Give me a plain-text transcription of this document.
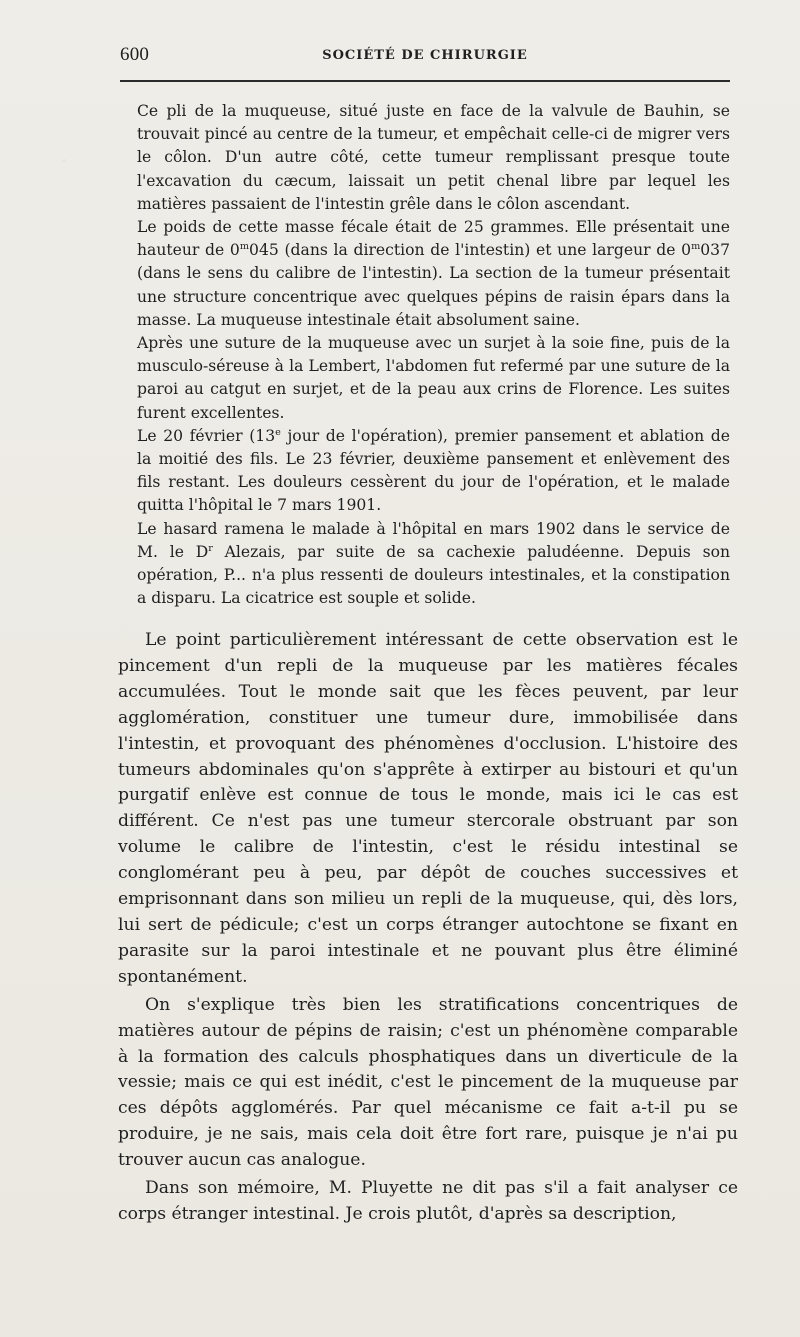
600	SOCIÉTÉ DE CHIRURGIE

Ce pli de la muqueuse, situé juste en face de la valvule de Bauhin, se trouvait pincé au centre de la tumeur, et empêchait celle-ci de migrer vers le côlon. D'un autre côté, cette tumeur remplissant presque toute l'excavation du cæcum, laissait un petit chenal libre par lequel les matières passaient de l'intestin grêle dans le côlon ascendant.

Le poids de cette masse fécale était de 25 grammes. Elle présentait une hauteur de 0$^m$045 (dans la direction de l'intestin) et une largeur de 0$^m$037 (dans le sens du calibre de l'intestin). La section de la tumeur présentait une structure concentrique avec quelques pépins de raisin épars dans la masse. La muqueuse intestinale était absolument saine.

Après une suture de la muqueuse avec un surjet à la soie fine, puis de la musculo-séreuse à la Lembert, l'abdomen fut refermé par une suture de la paroi au catgut en surjet, et de la peau aux crins de Florence. Les suites furent excellentes.

Le 20 février (13e jour de l'opération), premier pansement et ablation de la moitié des fils. Le 23 février, deuxième pansement et enlèvement des fils restant. Les douleurs cessèrent du jour de l'opération, et le malade quitta l'hôpital le 7 mars 1901.

Le hasard ramena le malade à l'hôpital en mars 1902 dans le service de M. le $D^r$ Alezais, par suite de sa cachexie paludéenne. Depuis son opération, P... n'a plus ressenti de douleurs intestinales, et la constipation a disparu. La cicatrice est souple et solide.

Le point particulièrement intéressant de cette observation est le pincement d'un repli de la muqueuse par les matières fécales accumulées. Tout le monde sait que les fèces peuvent, par leur agglomération, constituer une tumeur dure, immobilisée dans l'intestin, et provoquant des phénomènes d'occlusion. L'histoire des tumeurs abdominales qu'on s'apprête à extirper au bistouri et qu'un purgatif enlève est connue de tous le monde, mais ici le cas est différent. Ce n'est pas une tumeur stercorale obstruant par son volume le calibre de l'intestin, c'est le résidu intestinal se conglomérant peu à peu, par dépôt de couches successives et emprisonnant dans son milieu un repli de la muqueuse, qui, dès lors, lui sert de pédicule; c'est un corps étranger autochtone se fixant en parasite sur la paroi intestinale et ne pouvant plus être éliminé spontanément.

On s'explique très bien les stratifications concentriques de matières autour de pépins de raisin; c'est un phénomène comparable à la formation des calculs phosphatiques dans un diverticule de la vessie; mais ce qui est inédit, c'est le pincement de la muqueuse par ces dépôts agglomérés. Par quel mécanisme ce fait a-t-il pu se produire, je ne sais, mais cela doit être fort rare, puisque je n'ai pu trouver aucun cas analogue.

Dans son mémoire, M. Pluyette ne dit pas s'il a fait analyser ce corps étranger intestinal. Je crois plutôt, d'après sa description,
